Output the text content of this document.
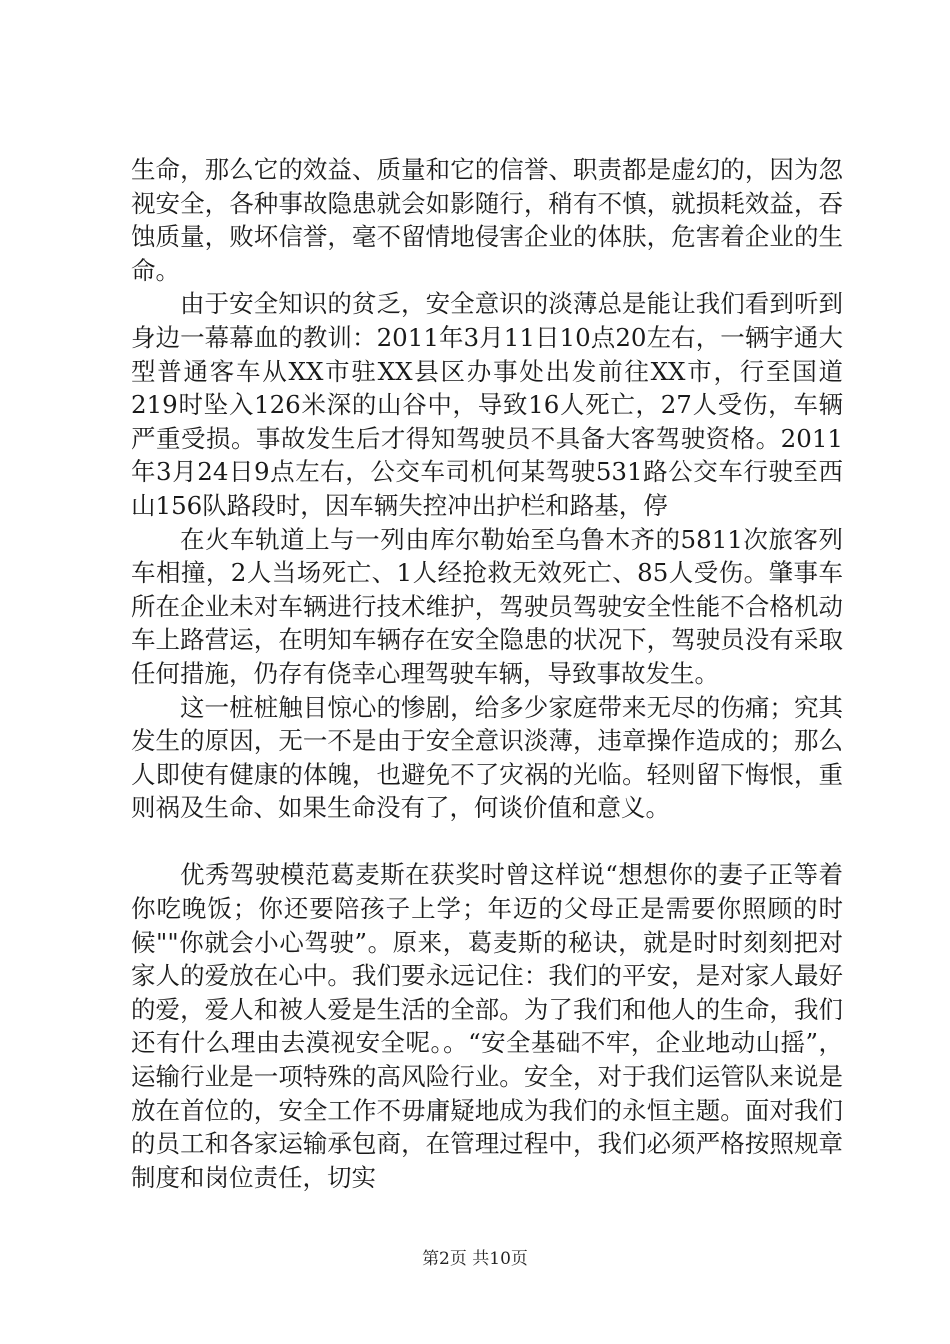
生命，那么它的效益、质量和它的信誉、职责都是虚幻的，因为忽视安全，各种事故隐患就会如影随行，稍有不慎，就损耗效益，吞蚀质量，败坏信誉，毫不留情地侵害企业的体肤，危害着企业的生命。

由于安全知识的贫乏，安全意识的淡薄总是能让我们看到听到身边一幕幕血的教训：2011年3月11日10点20左右，一辆宇通大型普通客车从XX市驻XX县区办事处出发前往XX市，行至国道219时坠入126米深的山谷中，导致16人死亡，27人受伤，车辆严重受损。事故发生后才得知驾驶员不具备大客驾驶资格。2011年3月24日9点左右，公交车司机何某驾驶531路公交车行驶至西山156队路段时，因车辆失控冲出护栏和路基，停

在火车轨道上与一列由库尔勒始至乌鲁木齐的5811次旅客列车相撞，2人当场死亡、1人经抢救无效死亡、85人受伤。肇事车所在企业未对车辆进行技术维护，驾驶员驾驶安全性能不合格机动车上路营运，在明知车辆存在安全隐患的状况下，驾驶员没有采取任何措施，仍存有侥幸心理驾驶车辆，导致事故发生。

这一桩桩触目惊心的惨剧，给多少家庭带来无尽的伤痛；究其发生的原因，无一不是由于安全意识淡薄，违章操作造成的；那么人即使有健康的体魄，也避免不了灾祸的光临。轻则留下悔恨，重则祸及生命、如果生命没有了，何谈价值和意义。

优秀驾驶模范葛麦斯在获奖时曾这样说“想想你的妻子正等着你吃晚饭；你还要陪孩子上学；年迈的父母正是需要你照顾的时候""你就会小心驾驶”。原来，葛麦斯的秘诀，就是时时刻刻把对家人的爱放在心中。我们要永远记住：我们的平安，是对家人最好的爱，爱人和被人爱是生活的全部。为了我们和他人的生命，我们还有什么理由去漠视安全呢。。“安全基础不牢，企业地动山摇”，运输行业是一项特殊的高风险行业。安全，对于我们运管队来说是放在首位的，安全工作不毋庸疑地成为我们的永恒主题。面对我们的员工和各家运输承包商，在管理过程中，我们必须严格按照规章制度和岗位责任，切实

第2页 共10页
